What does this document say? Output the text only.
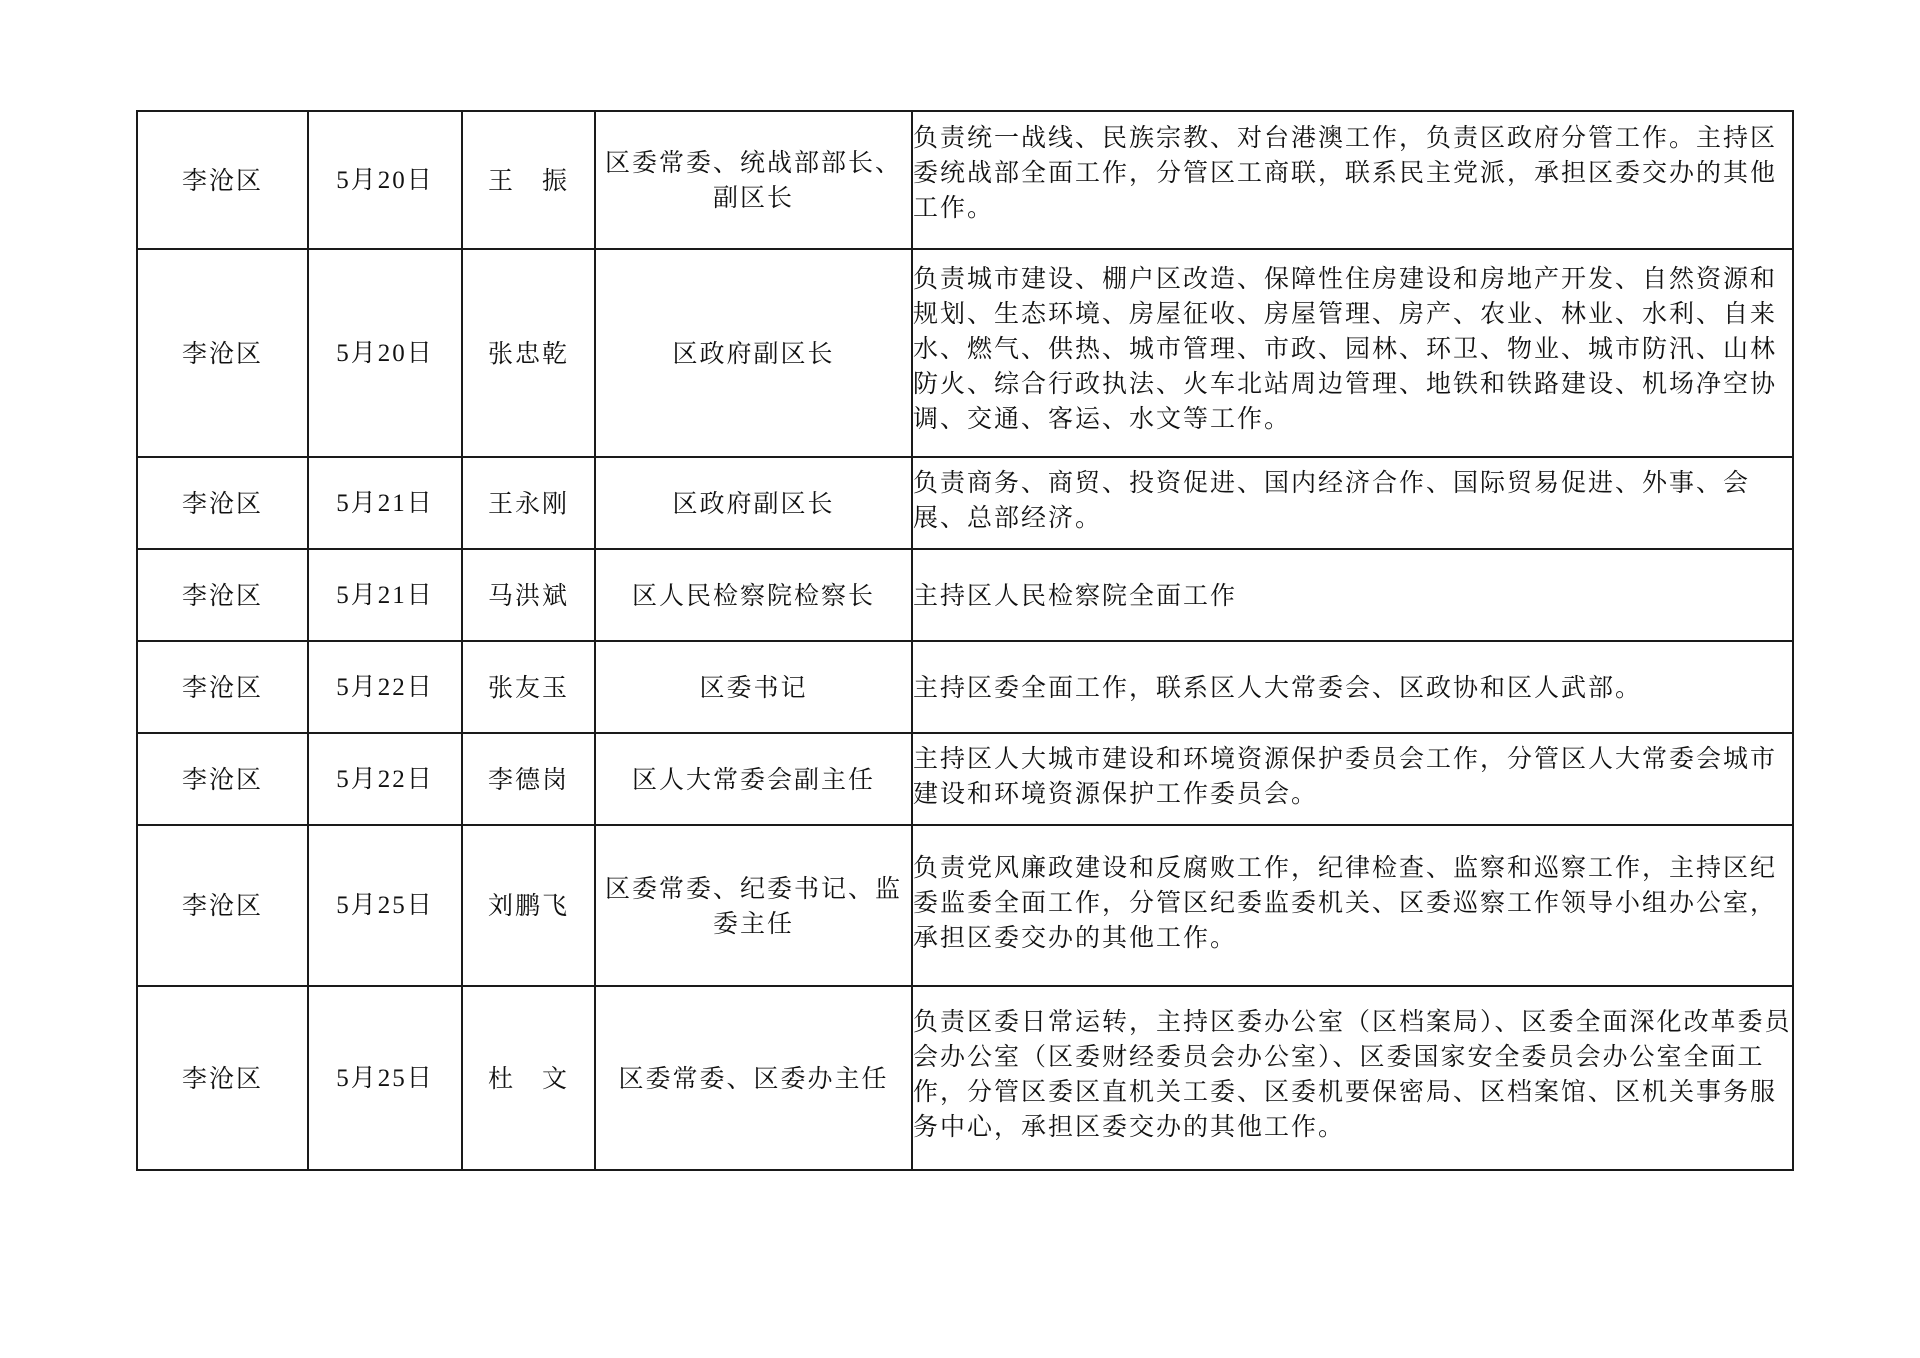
李沧区	5月20日	王　振	区委常委、统战部部长、副区长	负责统一战线、民族宗教、对台港澳工作，负责区政府分管工作。主持区委统战部全面工作，分管区工商联，联系民主党派，承担区委交办的其他工作。

李沧区	5月20日	张忠乾	区政府副区长	负责城市建设、棚户区改造、保障性住房建设和房地产开发、自然资源和规划、生态环境、房屋征收、房屋管理、房产、农业、林业、水利、自来水、燃气、供热、城市管理、市政、园林、环卫、物业、城市防汛、山林防火、综合行政执法、火车北站周边管理、地铁和铁路建设、机场净空协调、交通、客运、水文等工作。

李沧区	5月21日	王永刚	区政府副区长	负责商务、商贸、投资促进、国内经济合作、国际贸易促进、外事、会展、总部经济。

李沧区	5月21日	马洪斌	区人民检察院检察长	主持区人民检察院全面工作

李沧区	5月22日	张友玉	区委书记	主持区委全面工作，联系区人大常委会、区政协和区人武部。

李沧区	5月22日	李德岗	区人大常委会副主任	主持区人大城市建设和环境资源保护委员会工作，分管区人大常委会城市建设和环境资源保护工作委员会。

李沧区	5月25日	刘鹏飞	区委常委、纪委书记、监委主任	负责党风廉政建设和反腐败工作，纪律检查、监察和巡察工作，主持区纪委监委全面工作，分管区纪委监委机关、区委巡察工作领导小组办公室，承担区委交办的其他工作。

李沧区	5月25日	杜　文	区委常委、区委办主任	负责区委日常运转，主持区委办公室（区档案局）、区委全面深化改革委员会办公室（区委财经委员会办公室）、区委国家安全委员会办公室全面工作，分管区委区直机关工委、区委机要保密局、区档案馆、区机关事务服务中心，承担区委交办的其他工作。
